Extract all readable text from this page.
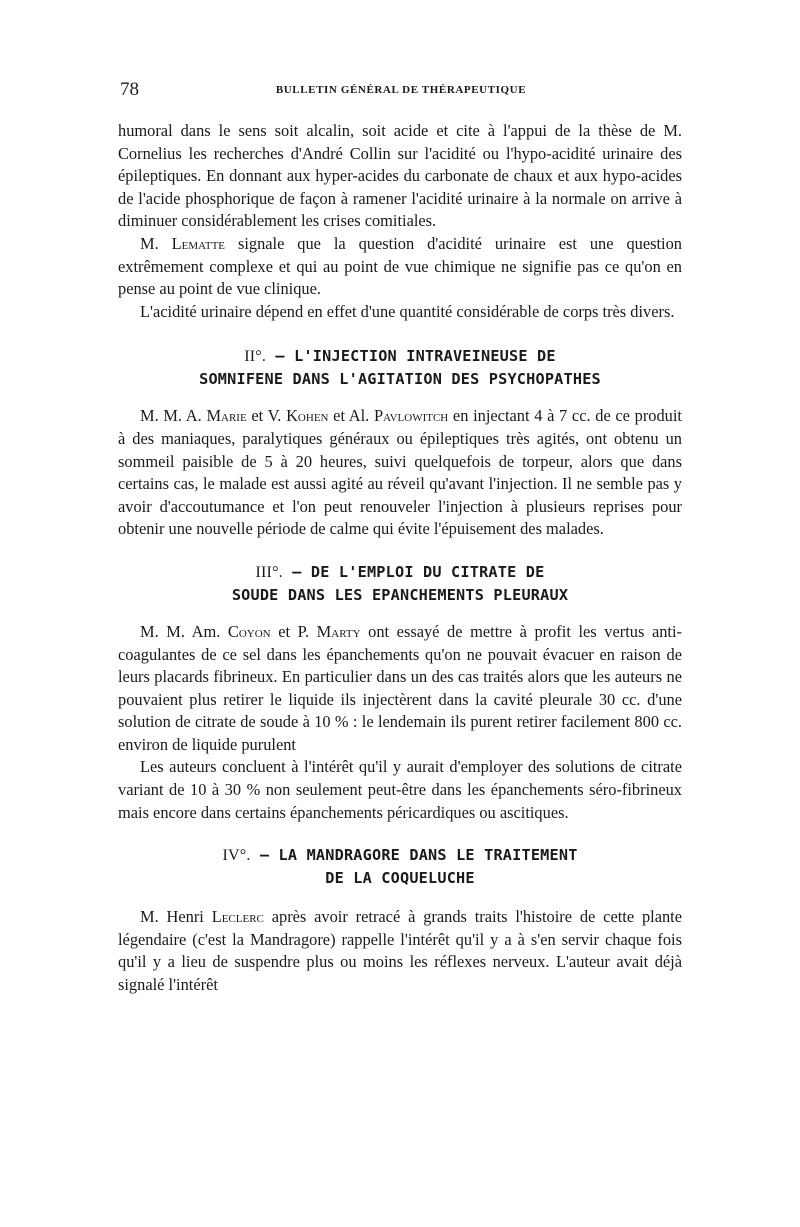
78	BULLETIN GÉNÉRAL DE THÉRAPEUTIQUE

humoral dans le sens soit alcalin, soit acide et cite à l'appui de la thèse de M. Cornelius les recherches d'André Collin sur l'acidité ou l'hypo-acidité urinaire des épileptiques. En donnant aux hyper-acides du carbonate de chaux et aux hypo-acides de l'acide phosphorique de façon à ramener l'acidité urinaire à la normale on arrive à diminuer considérablement les crises comitiales.

M. Lematte signale que la question d'acidité urinaire est une question extrêmement complexe et qui au point de vue chimique ne signifie pas ce qu'on en pense au point de vue clinique.

L'acidité urinaire dépend en effet d'une quantité considérable de corps très divers.

II°. — L'INJECTION INTRAVEINEUSE DE
SOMNIFENE DANS L'AGITATION DES PSYCHOPATHES

M. M. A. Marie et V. Kohen et Al. Pavlowitch en injectant 4 à 7 cc. de ce produit à des maniaques, paralytiques généraux ou épileptiques très agités, ont obtenu un sommeil paisible de 5 à 20 heures, suivi quelquefois de torpeur, alors que dans certains cas, le malade est aussi agité au réveil qu'avant l'injection. Il ne semble pas y avoir d'accoutumance et l'on peut renouveler l'injection à plusieurs reprises pour obtenir une nouvelle période de calme qui évite l'épuisement des malades.

III°. — DE L'EMPLOI DU CITRATE DE
SOUDE DANS LES EPANCHEMENTS PLEURAUX

M. M. Am. Coyon et P. Marty ont essayé de mettre à profit les vertus anti-coagulantes de ce sel dans les épanchements qu'on ne pouvait évacuer en raison de leurs placards fibrineux. En particulier dans un des cas traités alors que les auteurs ne pouvaient plus retirer le liquide ils injectèrent dans la cavité pleurale 30 cc. d'une solution de citrate de soude à 10 % : le lendemain ils purent retirer facilement 800 cc. environ de liquide purulent

Les auteurs concluent à l'intérêt qu'il y aurait d'employer des solutions de citrate variant de 10 à 30 % non seulement peut-être dans les épanchements séro-fibrineux mais encore dans certains épanchements péricardiques ou ascitiques.

IV°. — LA MANDRAGORE DANS LE TRAITEMENT
DE LA COQUELUCHE

M. Henri Leclerc après avoir retracé à grands traits l'histoire de cette plante légendaire (c'est la Mandragore) rappelle l'intérêt qu'il y a à s'en servir chaque fois qu'il y a lieu de suspendre plus ou moins les réflexes nerveux. L'auteur avait déjà signalé l'intérêt
